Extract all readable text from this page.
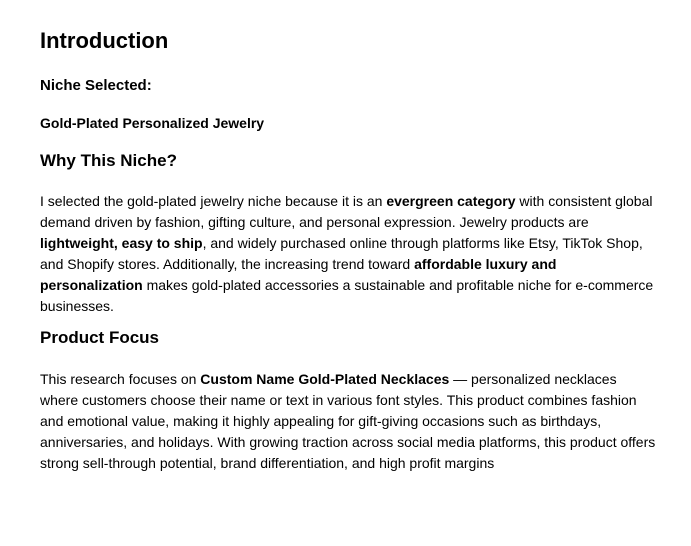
Introduction
Niche Selected:

Gold-Plated Personalized Jewelry

Why This Niche?

I selected the gold-plated jewelry niche because it is an evergreen category with consistent global demand driven by fashion, gifting culture, and personal expression. Jewelry products are lightweight, easy to ship, and widely purchased online through platforms like Etsy, TikTok Shop, and Shopify stores. Additionally, the increasing trend toward affordable luxury and personalization makes gold-plated accessories a sustainable and profitable niche for e-commerce businesses.

Product Focus

This research focuses on Custom Name Gold-Plated Necklaces — personalized necklaces where customers choose their name or text in various font styles. This product combines fashion and emotional value, making it highly appealing for gift-giving occasions such as birthdays, anniversaries, and holidays. With growing traction across social media platforms, this product offers strong sell-through potential, brand differentiation, and high profit margins
